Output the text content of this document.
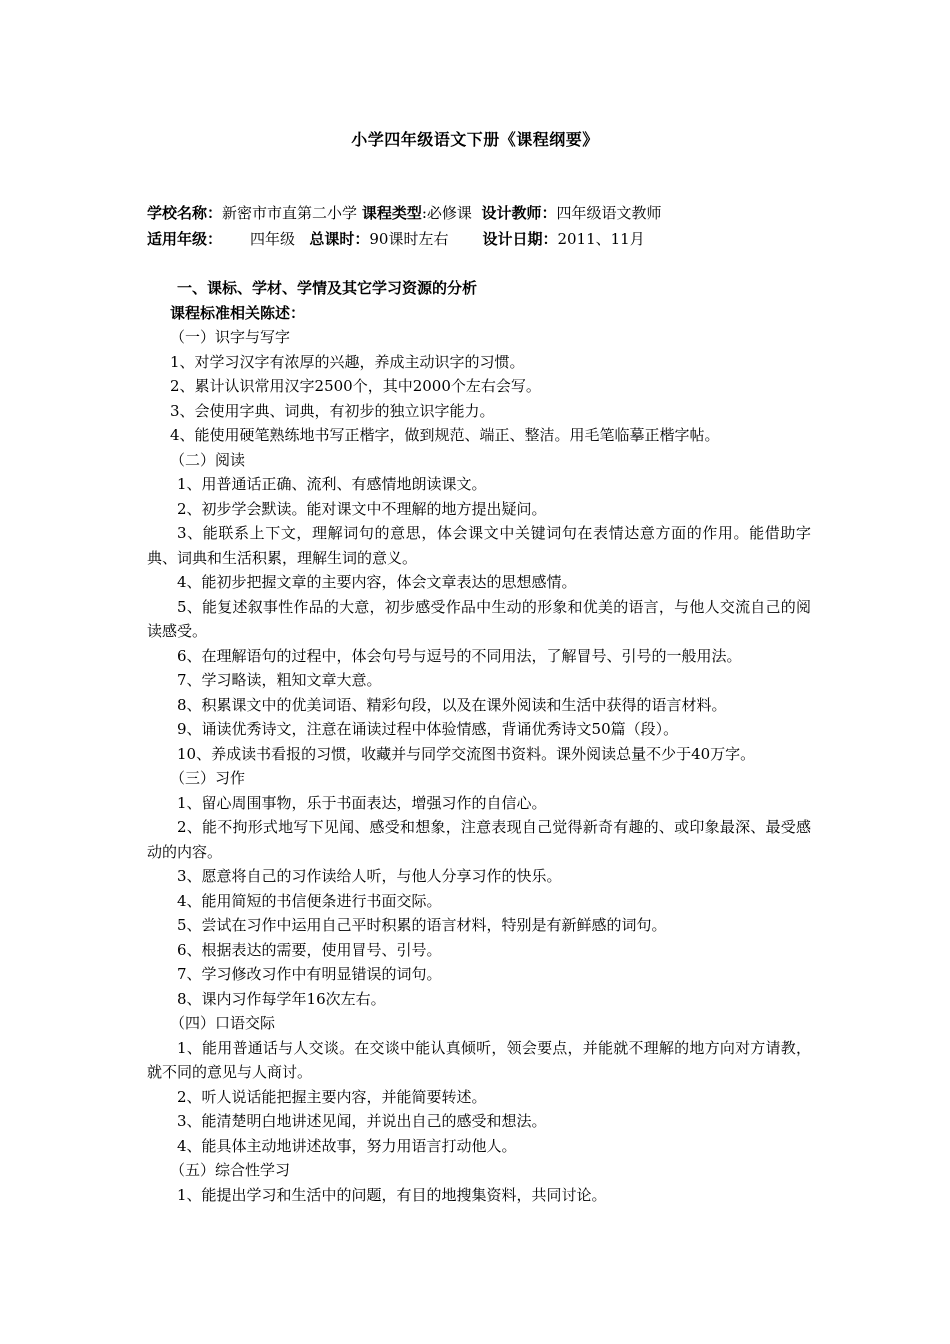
小学四年级语文下册《课程纲要》
学校名称：新密市市直第二小学 课程类型:必修课 设计教师：四年级语文教师
适用年级： 四年级 总课时：90课时左右 设计日期：2011、11月
一、课标、学材、学情及其它学习资源的分析
课程标准相关陈述：
（一）识字与写字
1、对学习汉字有浓厚的兴趣，养成主动识字的习惯。
2、累计认识常用汉字2500个，其中2000个左右会写。
3、会使用字典、词典，有初步的独立识字能力。
4、能使用硬笔熟练地书写正楷字，做到规范、端正、整洁。用毛笔临摹正楷字帖。
（二）阅读
1、用普通话正确、流利、有感情地朗读课文。
2、初步学会默读。能对课文中不理解的地方提出疑问。
3、能联系上下文，理解词句的意思，体会课文中关键词句在表情达意方面的作用。能借助字典、词典和生活积累，理解生词的意义。
4、能初步把握文章的主要内容，体会文章表达的思想感情。
5、能复述叙事性作品的大意，初步感受作品中生动的形象和优美的语言，与他人交流自己的阅读感受。
6、在理解语句的过程中，体会句号与逗号的不同用法，了解冒号、引号的一般用法。
7、学习略读，粗知文章大意。
8、积累课文中的优美词语、精彩句段，以及在课外阅读和生活中获得的语言材料。
9、诵读优秀诗文，注意在诵读过程中体验情感，背诵优秀诗文50篇（段）。
10、养成读书看报的习惯，收藏并与同学交流图书资料。课外阅读总量不少于40万字。
（三）习作
1、留心周围事物，乐于书面表达，增强习作的自信心。
2、能不拘形式地写下见闻、感受和想象，注意表现自己觉得新奇有趣的、或印象最深、最受感动的内容。
3、愿意将自己的习作读给人听，与他人分享习作的快乐。
4、能用简短的书信便条进行书面交际。
5、尝试在习作中运用自己平时积累的语言材料，特别是有新鲜感的词句。
6、根据表达的需要，使用冒号、引号。
7、学习修改习作中有明显错误的词句。
8、课内习作每学年16次左右。
（四）口语交际
1、能用普通话与人交谈。在交谈中能认真倾听，领会要点，并能就不理解的地方向对方请教，就不同的意见与人商讨。
2、听人说话能把握主要内容，并能简要转述。
3、能清楚明白地讲述见闻，并说出自己的感受和想法。
4、能具体主动地讲述故事，努力用语言打动他人。
（五）综合性学习
1、能提出学习和生活中的问题，有目的地搜集资料，共同讨论。
